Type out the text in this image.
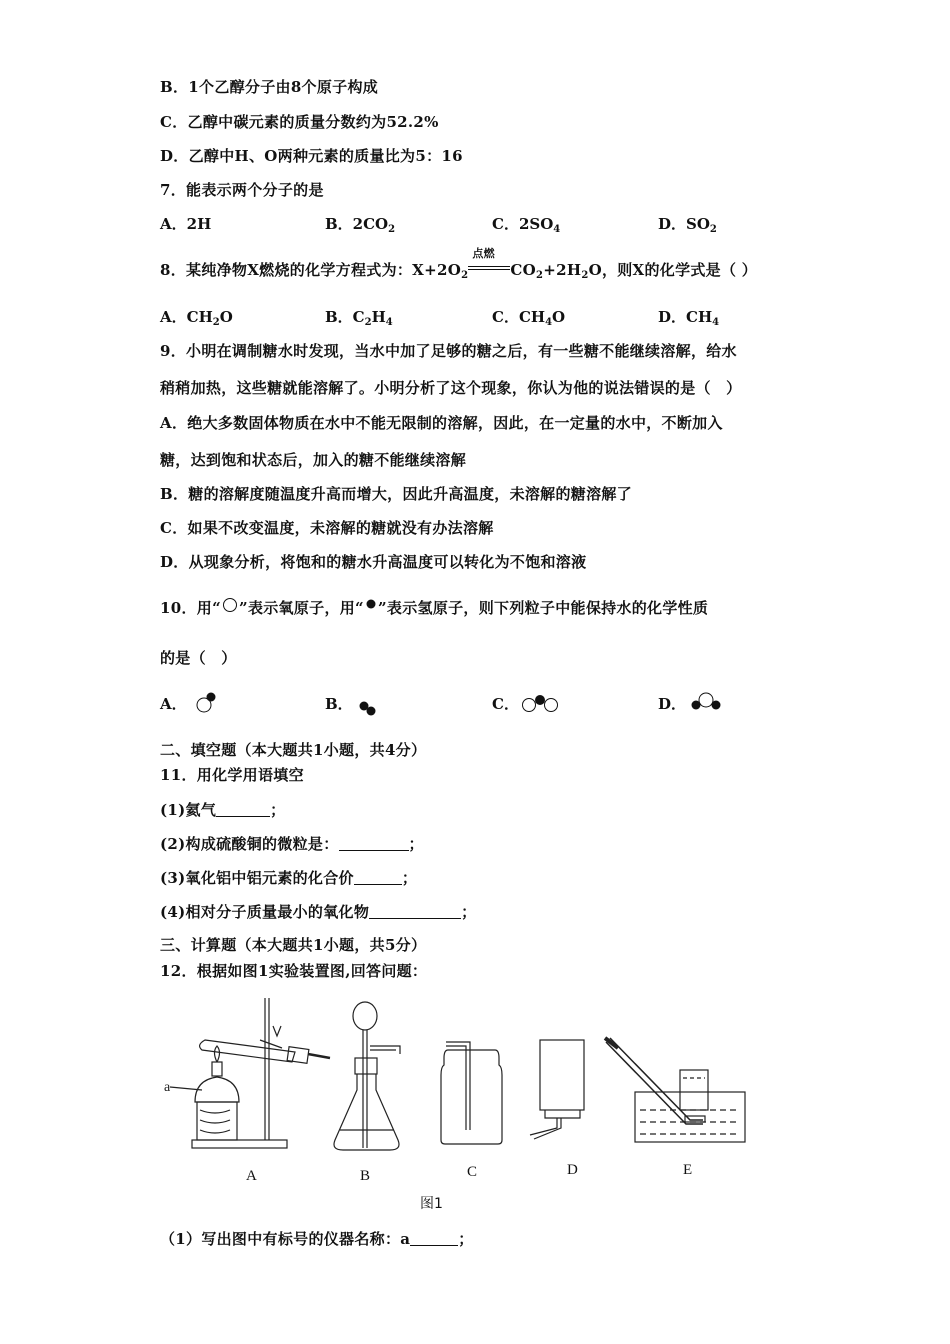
B．1个乙醇分子由8个原子构成
C．乙醇中碳元素的质量分数约为52.2%
D．乙醇中H、O两种元素的质量比为5：16
7．能表示两个分子的是
A．2H	B．$2CO_2$	C．$2SO_4$	D．$SO_2$
8．某纯净物X燃烧的化学方程式为：$X+2O_2$
点燃
$CO_2+2H_2O$，则X的化学式是（ ）
A．$CH_2O$	B．$C_2H_4$	C．$CH_4O$	D．$CH_4$
9．小明在调制糖水时发现，当水中加了足够的糖之后，有一些糖不能继续溶解，给水
稍稍加热，这些糖就能溶解了。小明分析了这个现象，你认为他的说法错误的是（　）
A．绝大多数固体物质在水中不能无限制的溶解，因此，在一定量的水中，不断加入
糖，达到饱和状态后，加入的糖不能继续溶解
B．糖的溶解度随温度升高而增大，因此升高温度，未溶解的糖溶解了
C．如果不改变温度，未溶解的糖就没有办法溶解
D．从现象分析，将饱和的糖水升高温度可以转化为不饱和溶液
10．用“ ”表示氧原子，用“ ”表示氢原子，则下列粒子中能保持水的化学性质
的是（　）
A．	B．	C．	D．
二、填空题（本大题共1小题，共4分）
11．用化学用语填空
(1)氦气	；
(2)构成硫酸铜的微粒是：	；
(3)氧化铝中铝元素的化合价	；
(4)相对分子质量最小的氧化物	；
三、计算题（本大题共1小题，共5分）
12．根据如图1实验装置图,回答问题：
a
A	B	C	D	E
图1
（1）写出图中有标号的仪器名称：a	；
